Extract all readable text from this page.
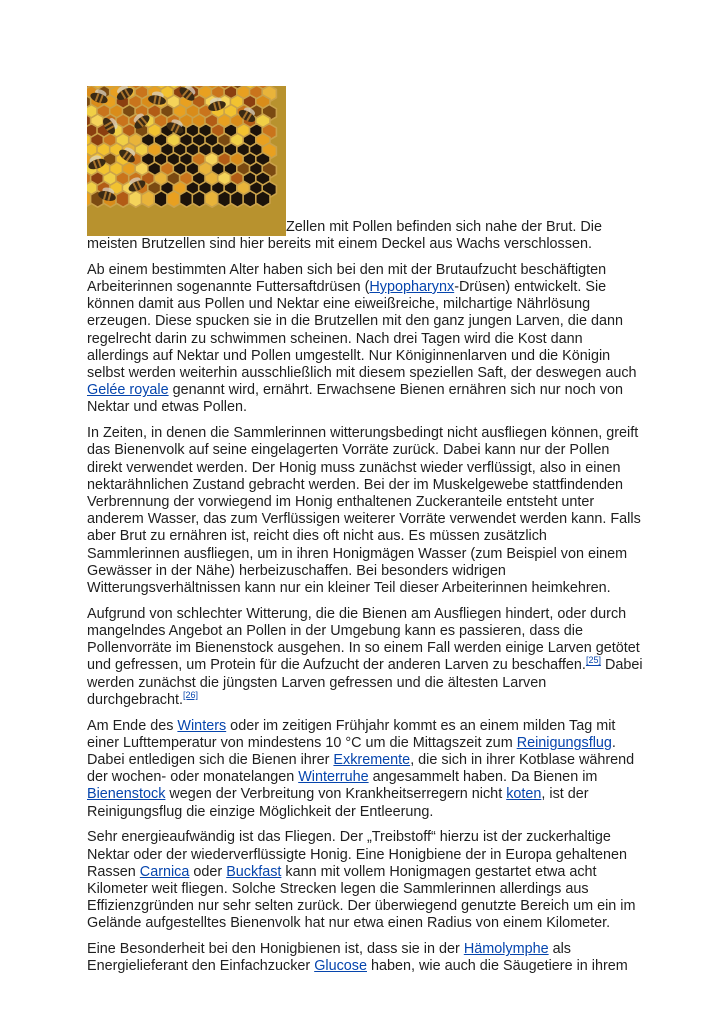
Zellen mit Pollen befinden sich nahe der Brut. Die meisten Brutzellen sind hier bereits mit einem Deckel aus Wachs verschlossen.

Ab einem bestimmten Alter haben sich bei den mit der Brutaufzucht beschäftigten Arbeiterinnen sogenannte Futtersaftdrüsen (Hypopharynx-Drüsen) entwickelt. Sie können damit aus Pollen und Nektar eine eiweißreiche, milchartige Nährlösung erzeugen. Diese spucken sie in die Brutzellen mit den ganz jungen Larven, die dann regelrecht darin zu schwimmen scheinen. Nach drei Tagen wird die Kost dann allerdings auf Nektar und Pollen umgestellt. Nur Königinnenlarven und die Königin selbst werden weiterhin ausschließlich mit diesem speziellen Saft, der deswegen auch Gelée royale genannt wird, ernährt. Erwachsene Bienen ernähren sich nur noch von Nektar und etwas Pollen.

In Zeiten, in denen die Sammlerinnen witterungsbedingt nicht ausfliegen können, greift das Bienenvolk auf seine eingelagerten Vorräte zurück. Dabei kann nur der Pollen direkt verwendet werden. Der Honig muss zunächst wieder verflüssigt, also in einen nektarähnlichen Zustand gebracht werden. Bei der im Muskelgewebe stattfindenden Verbrennung der vorwiegend im Honig enthaltenen Zuckeranteile entsteht unter anderem Wasser, das zum Verflüssigen weiterer Vorräte verwendet werden kann. Falls aber Brut zu ernähren ist, reicht dies oft nicht aus. Es müssen zusätzlich Sammlerinnen ausfliegen, um in ihren Honigmägen Wasser (zum Beispiel von einem Gewässer in der Nähe) herbeizuschaffen. Bei besonders widrigen Witterungsverhältnissen kann nur ein kleiner Teil dieser Arbeiterinnen heimkehren.

Aufgrund von schlechter Witterung, die die Bienen am Ausfliegen hindert, oder durch mangelndes Angebot an Pollen in der Umgebung kann es passieren, dass die Pollenvorräte im Bienenstock ausgehen. In so einem Fall werden einige Larven getötet und gefressen, um Protein für die Aufzucht der anderen Larven zu beschaffen.[25] Dabei werden zunächst die jüngsten Larven gefressen und die ältesten Larven durchgebracht.[26]

Am Ende des Winters oder im zeitigen Frühjahr kommt es an einem milden Tag mit einer Lufttemperatur von mindestens 10 °C um die Mittagszeit zum Reinigungsflug. Dabei entledigen sich die Bienen ihrer Exkremente, die sich in ihrer Kotblase während der wochen- oder monatelangen Winterruhe angesammelt haben. Da Bienen im Bienenstock wegen der Verbreitung von Krankheitserregern nicht koten, ist der Reinigungsflug die einzige Möglichkeit der Entleerung.

Sehr energieaufwändig ist das Fliegen. Der „Treibstoff“ hierzu ist der zuckerhaltige Nektar oder der wiederverflüssigte Honig. Eine Honigbiene der in Europa gehaltenen Rassen Carnica oder Buckfast kann mit vollem Honigmagen gestartet etwa acht Kilometer weit fliegen. Solche Strecken legen die Sammlerinnen allerdings aus Effizienzgründen nur sehr selten zurück. Der überwiegend genutzte Bereich um ein im Gelände aufgestelltes Bienenvolk hat nur etwa einen Radius von einem Kilometer.

Eine Besonderheit bei den Honigbienen ist, dass sie in der Hämolymphe als Energielieferant den Einfachzucker Glucose haben, wie auch die Säugetiere in ihrem
